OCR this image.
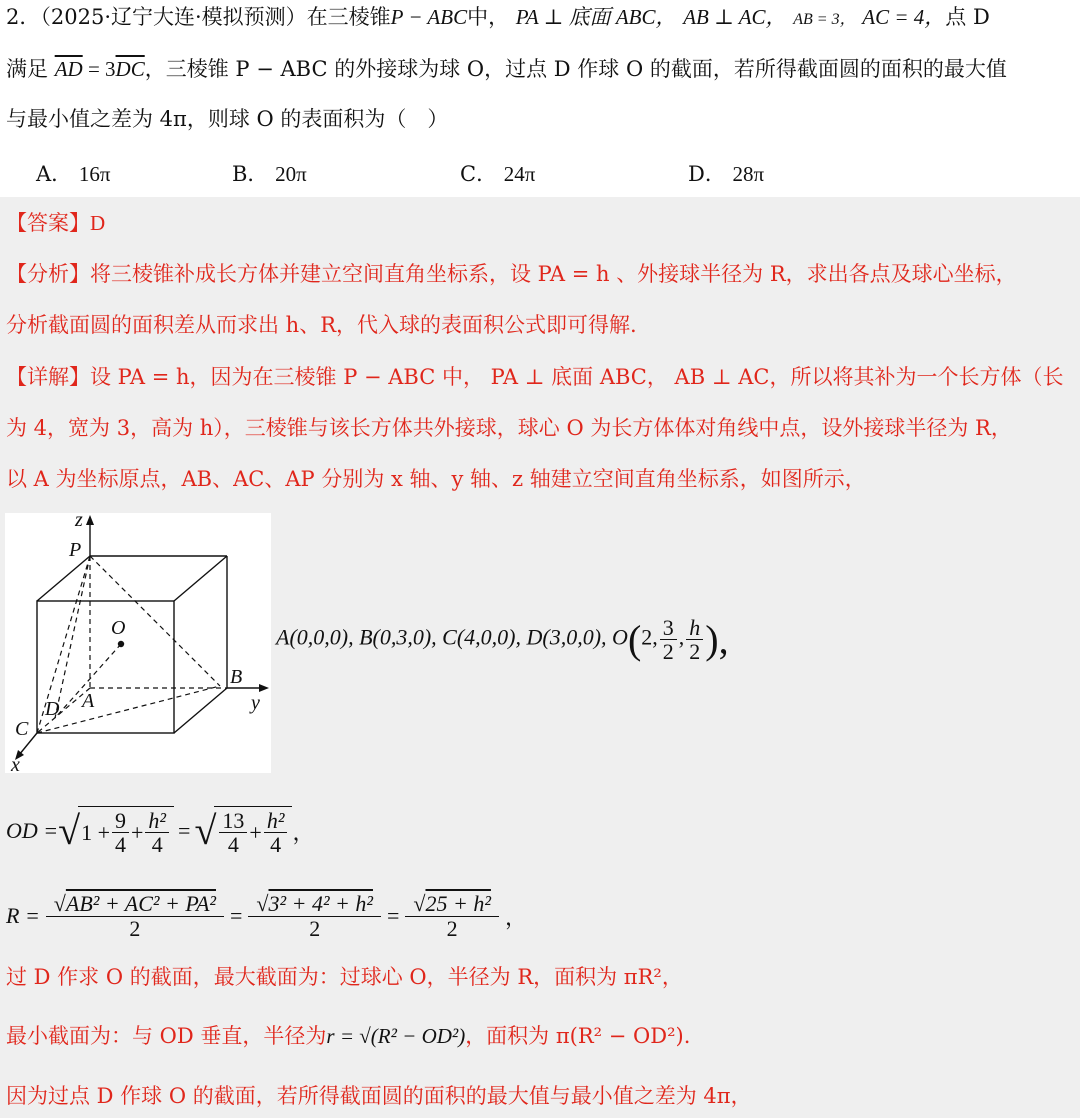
2．（2025·辽宁大连·模拟预测）在三棱锥P − ABC中， PA ⊥ 底面 ABC， AB ⊥ AC， AB = 3， AC = 4，点 D
满足 $\overline{AD} = 3\overline{DC}$，三棱锥 P − ABC 的外接球为球 O，过点 D 作球 O 的截面，若所得截面圆的面积的最大值
与最小值之差为 4π，则球 O 的表面积为（　）
A． 16π	B． 20π	C． 24π	D． 28π
【答案】D
【分析】将三棱锥补成长方体并建立空间直角坐标系，设 PA = h 、外接球半径为 R，求出各点及球心坐标，
分析截面圆的面积差从而求出 h、R，代入球的表面积公式即可得解.
【详解】设 PA = h，因为在三棱锥 P − ABC 中， PA ⊥ 底面 ABC， AB ⊥ AC，所以将其补为一个长方体（长
为 4，宽为 3，高为 h），三棱锥与该长方体共外接球，球心 O 为长方体体对角线中点，设外接球半径为 R，
以 A 为坐标原点，AB、AC、AP 分别为 x 轴、y 轴、z 轴建立空间直角坐标系，如图所示，
z
P
O
B
y
D A
C
x
A(0,0,0), B(0,3,0), C(4,0,0), D(3,0,0), O(2, $\frac{3}{2}$ , $\frac{h}{2}$ ),
OD = √ $1 + \frac{9}{4} + \frac{\text{h²}}{4}$ = √ $\frac{13}{4} + \frac{\text{h²}}{4}$ ，
$R = \frac{\text{√AB² + AC² + PA²}}{2} = \frac{\text{√3² + 4² + h²}}{2} = \frac{\text{√25 + h²}}{2}$ ，
过 D 作求 O 的截面，最大截面为：过球心 O，半径为 R，面积为 πR²，
最小截面为：与 OD 垂直，半径为r = √(R² − OD²)，面积为 π(R² − OD²).
因为过点 D 作球 O 的截面，若所得截面圆的面积的最大值与最小值之差为 4π，
